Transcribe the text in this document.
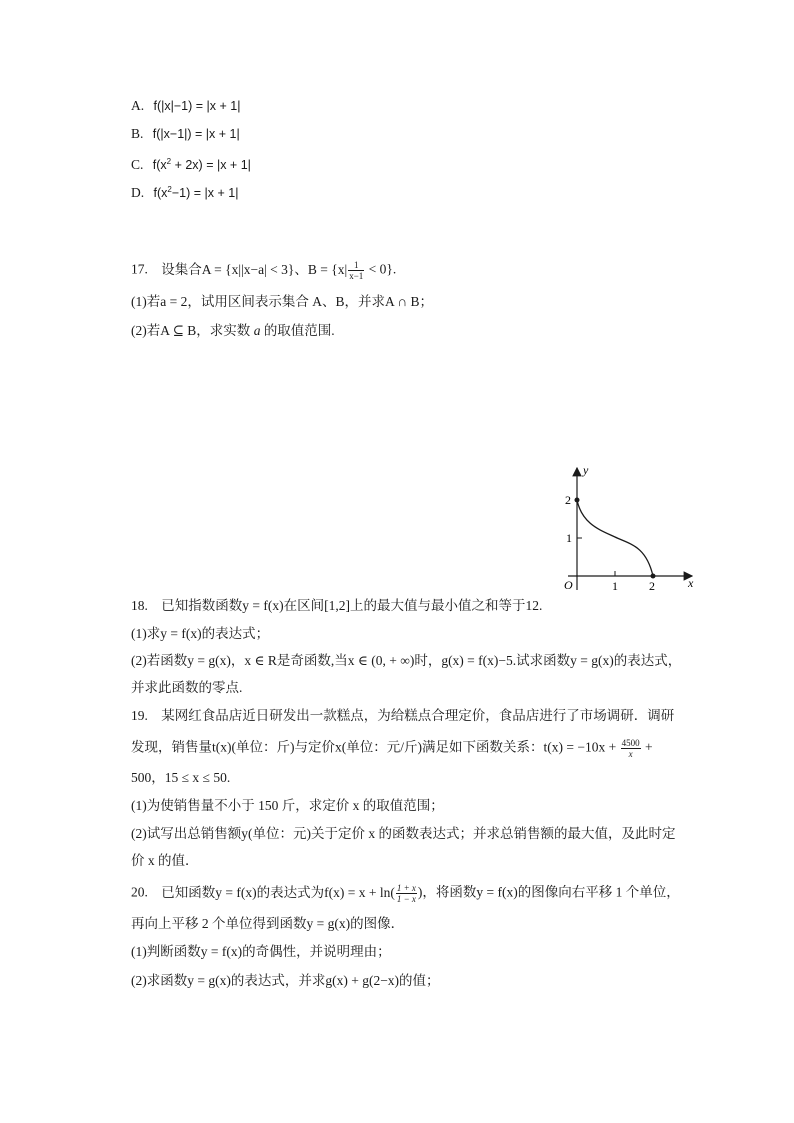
A. f(|x|−1) = |x + 1|
B. f(|x−1|) = |x + 1|
C. $f(x^2 + 2x) = |x + 1|$
D. $f(x^2-1) = |x + 1|$
17. 设集合A = {x||x−a| < 3}、$B = \{x| \frac{1}{x-1} < 0\}$.
(1)若a = 2，试用区间表示集合 A、B，并求A ∩ B；
(2)若A ⊆ B，求实数 a 的取值范围.
y
x
O
2
1
1	2
18. 已知指数函数y = f(x)在区间[1,2]上的最大值与最小值之和等于12.
(1)求y = f(x)的表达式；
(2)若函数y = g(x)，x ∈ R是奇函数,当x ∈ (0, + ∞)时，g(x) = f(x)−5.试求函数y = g(x)的表达式，
并求此函数的零点.
19. 某网红食品店近日研发出一款糕点，为给糕点合理定价，食品店进行了市场调研．调研
发现，销售量t(x)(单位：斤)与定价x(单位：元/斤)满足如下函数关系：$t(x) = -10x + \frac{4500}{x}$ +
500，15 ≤ x ≤ 50.
(1)为使销售量不小于 150 斤，求定价 x 的取值范围；
(2)试写出总销售额y(单位：元)关于定价 x 的函数表达式；并求总销售额的最大值，及此时定
价 x 的值．
20. 已知函数y = f(x)的表达式为$f(x) = x + \ln( \frac{1 + x}{1 - x}$ )，将函数y = f(x)的图像向右平移 1 个单位，
再向上平移 2 个单位得到函数y = g(x)的图像．
(1)判断函数y = f(x)的奇偶性，并说明理由；
(2)求函数y = g(x)的表达式，并求g(x) + g(2−x)的值；
